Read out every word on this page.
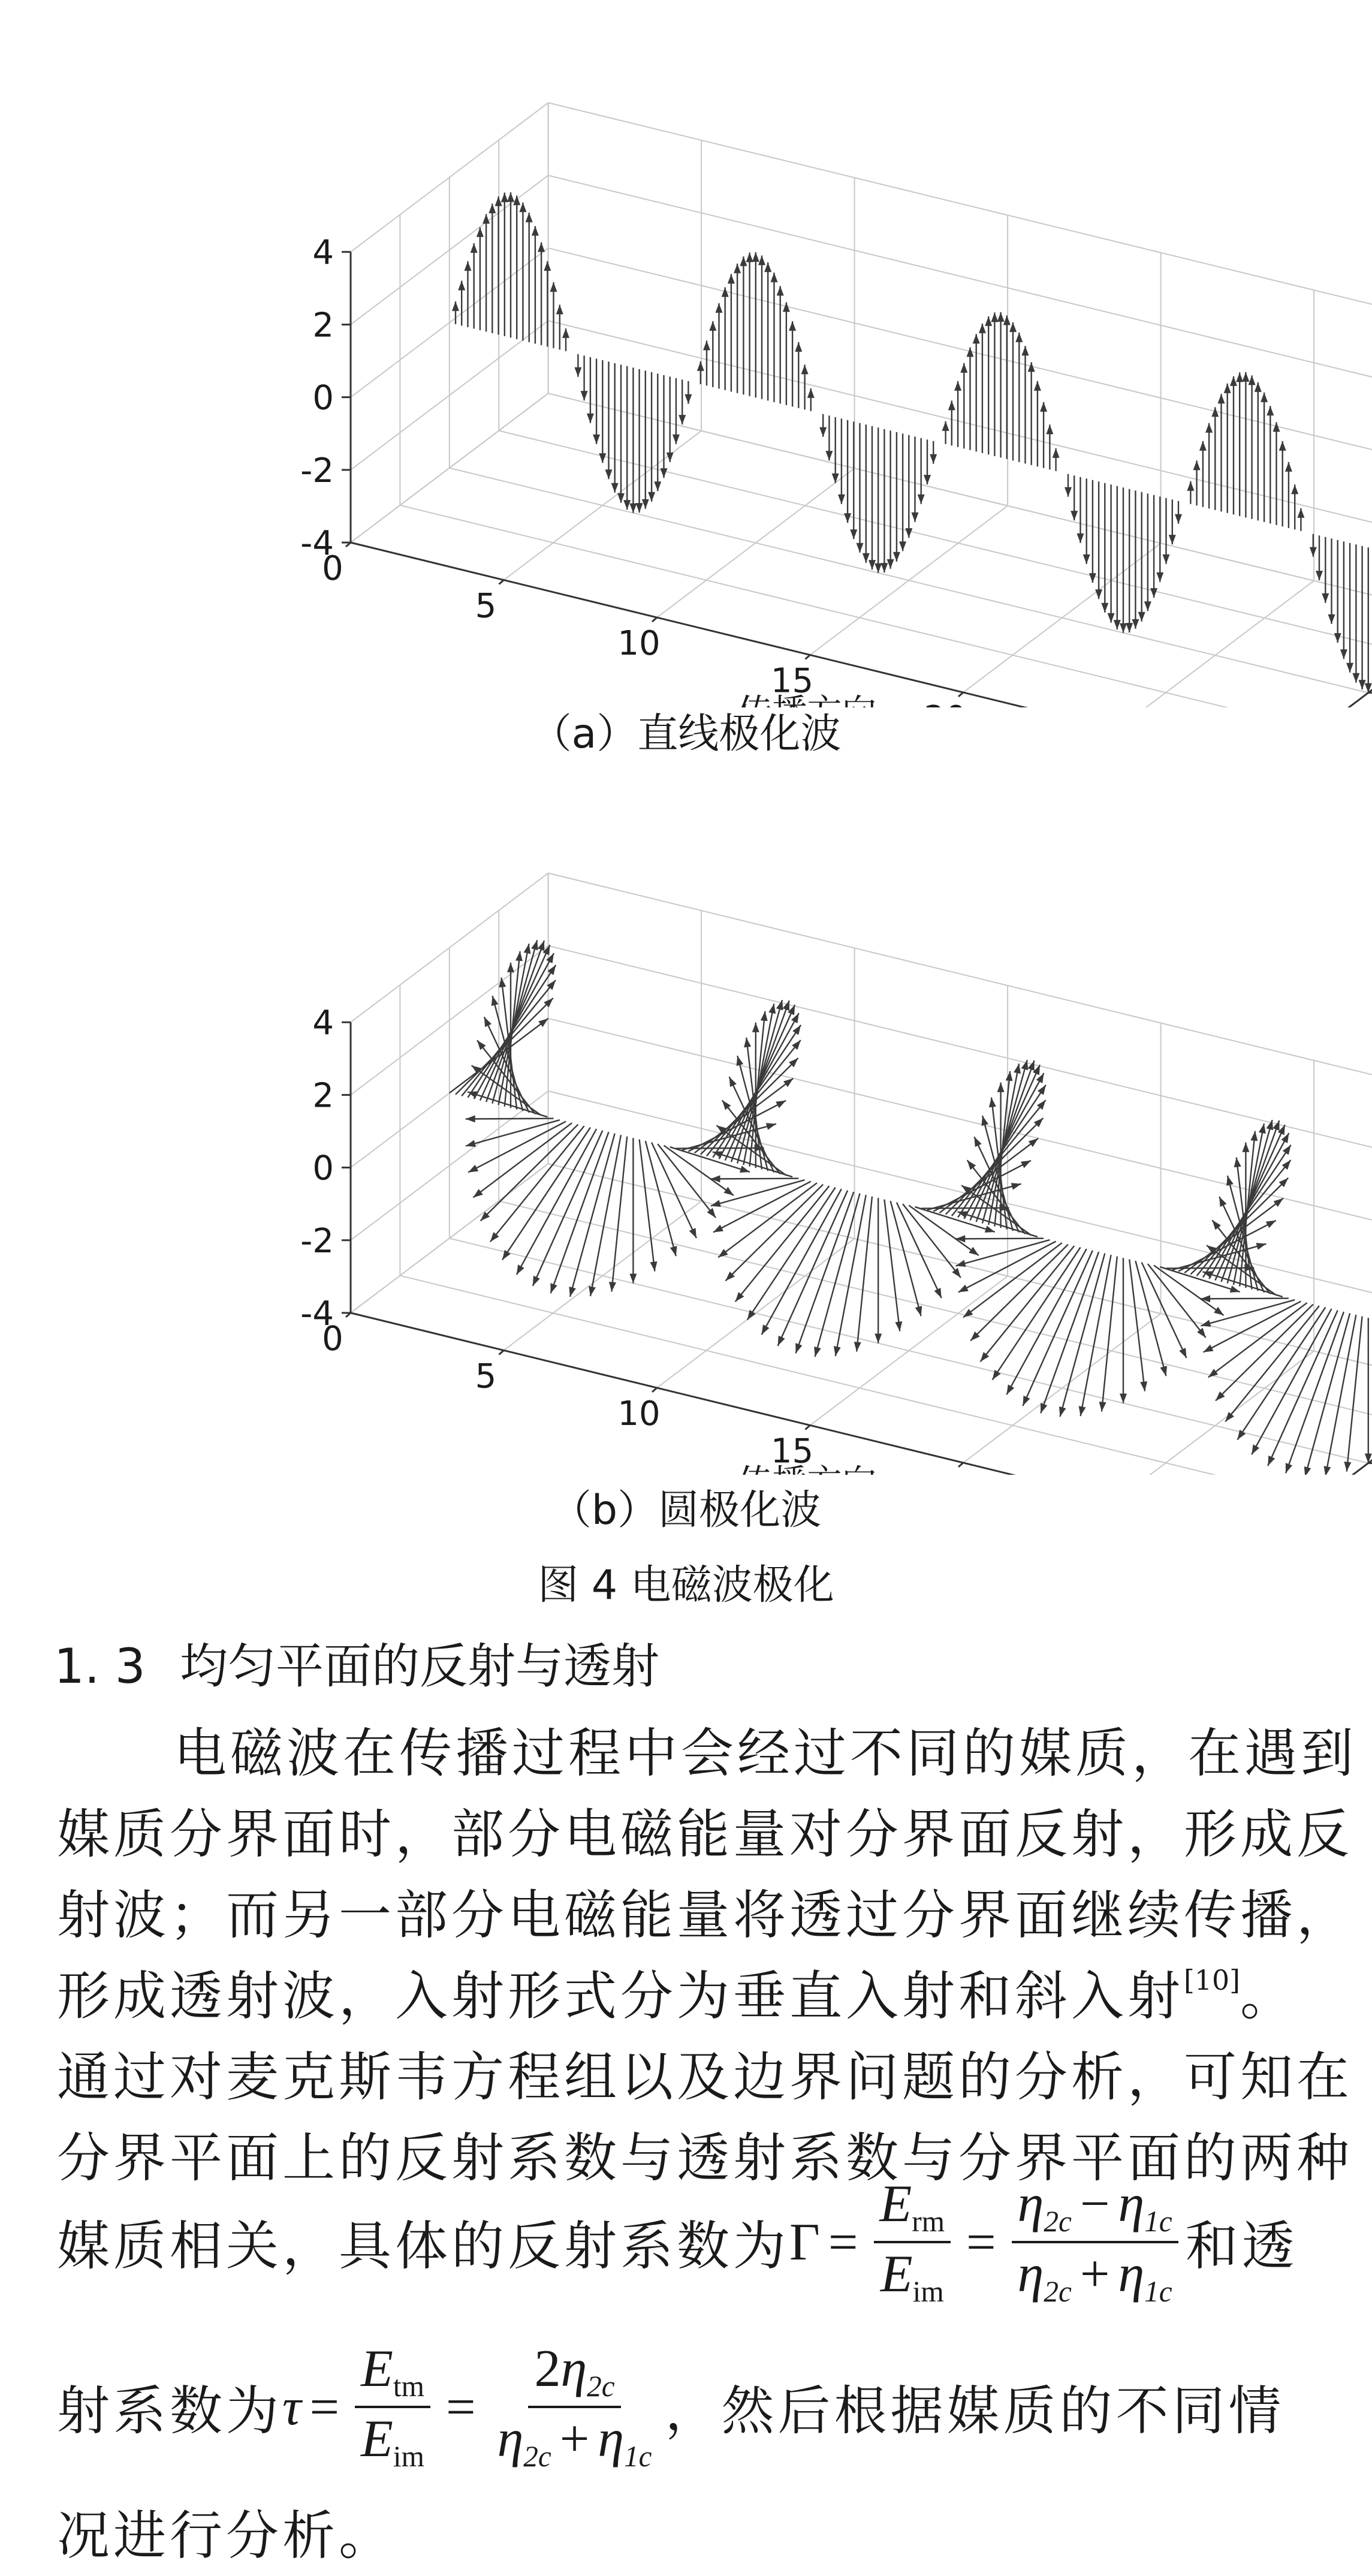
0
5
10
15
-4
-2
0
2
4
（a）直线极化波
0
5
10
15
-4
-2
0
2
4
（b）圆极化波
图 4 电磁波极化
1. 3 均匀平面的反射与透射
电磁波在传播过程中会经过不同的媒质，在遇到
媒质分界面时，部分电磁能量对分界面反射，形成反
射波；而另一部分电磁能量将透过分界面继续传播，
形成透射波，入射形式分为垂直入射和斜入射[10]。
通过对麦克斯韦方程组以及边界问题的分析，可知在
分界平面上的反射系数与透射系数与分界平面的两种
媒质相关，具体的反射系数为 $\Gamma = \frac{E_{rm}}{E_{im}} = \frac{\eta_{2c} - \eta_{1c}}{\eta_{2c} + \eta_{1c}}$ 和透
射系数为 $\tau = \frac{E_{tm}}{E_{im}} = \frac{2\eta_{2c}}{\eta_{2c} + \eta_{1c}}$ ，然后根据媒质的不同情
况进行分析。
